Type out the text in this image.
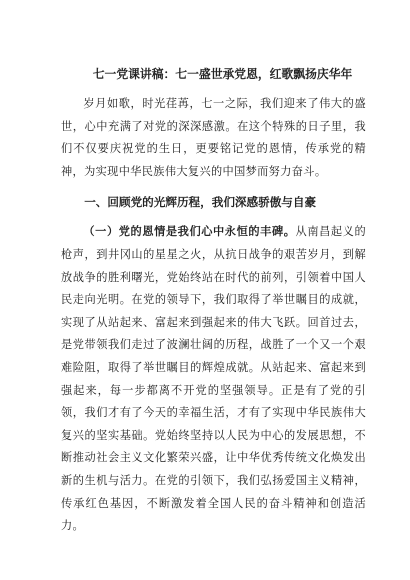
七一党课讲稿：七一盛世承党恩，红歌飘扬庆华年

岁月如歌，时光荏苒，七一之际，我们迎来了伟大的盛世，心中充满了对党的深深感激。在这个特殊的日子里，我们不仅要庆祝党的生日，更要铭记党的恩情，传承党的精神，为实现中华民族伟大复兴的中国梦而努力奋斗。

一、回顾党的光辉历程，我们深感骄傲与自豪

（一）党的恩情是我们心中永恒的丰碑。从南昌起义的枪声，到井冈山的星星之火，从抗日战争的艰苦岁月，到解放战争的胜利曙光，党始终站在时代的前列，引领着中国人民走向光明。在党的领导下，我们取得了举世瞩目的成就，实现了从站起来、富起来到强起来的伟大飞跃。回首过去，是党带领我们走过了波澜壮阔的历程，战胜了一个又一个艰难险阻，取得了举世瞩目的辉煌成就。从站起来、富起来到强起来，每一步都离不开党的坚强领导。正是有了党的引领，我们才有了今天的幸福生活，才有了实现中华民族伟大复兴的坚实基础。党始终坚持以人民为中心的发展思想，不断推动社会主义文化繁荣兴盛，让中华优秀传统文化焕发出新的生机与活力。在党的引领下，我们弘扬爱国主义精神，传承红色基因，不断激发着全国人民的奋斗精神和创造活力。
